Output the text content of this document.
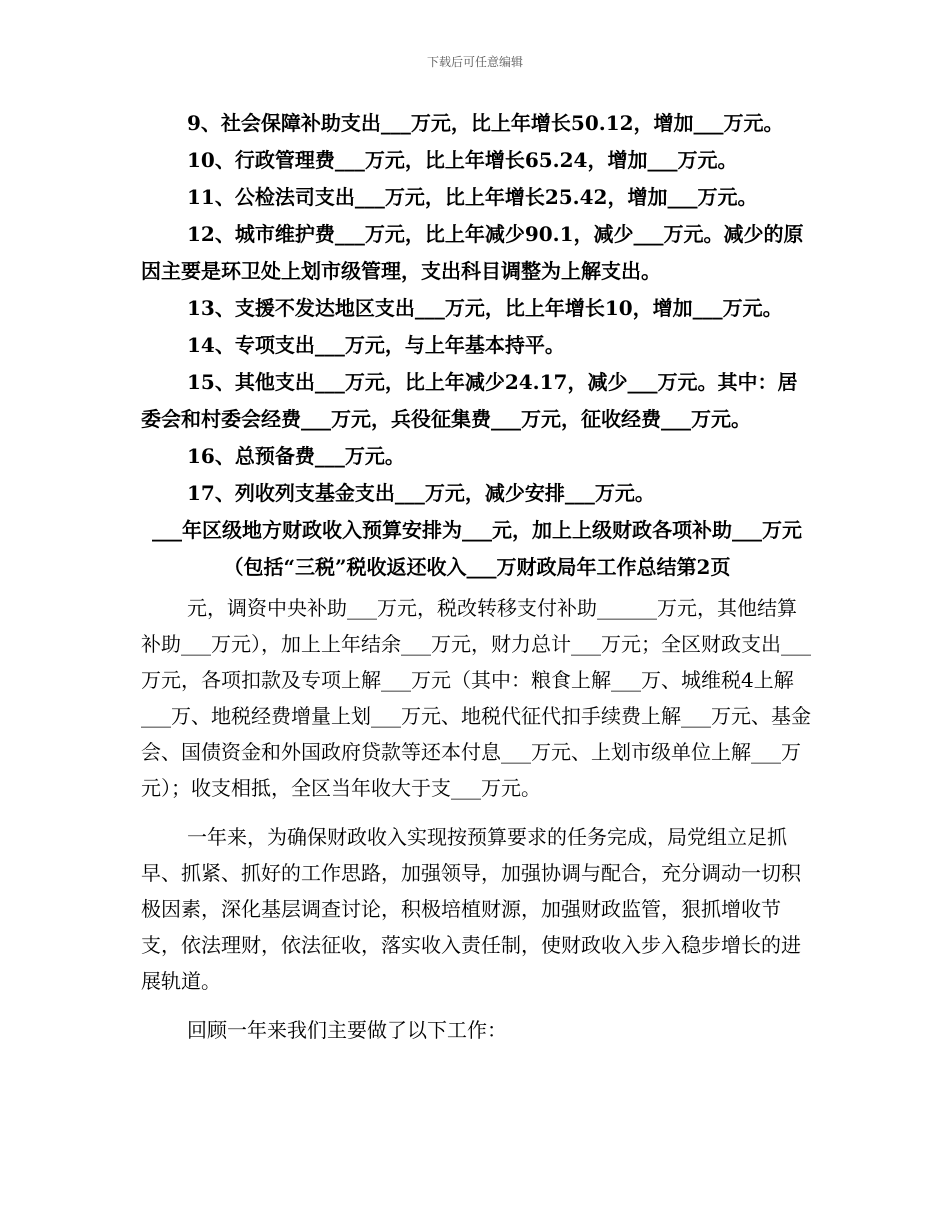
下载后可任意编辑

9、社会保障补助支出___万元，比上年增长50.12，增加___万元。

10、行政管理费___万元，比上年增长65.24，增加___万元。

11、公检法司支出___万元，比上年增长25.42，增加___万元。

12、城市维护费___万元，比上年减少90.1，减少___万元。减少的原因主要是环卫处上划市级管理，支出科目调整为上解支出。

13、支援不发达地区支出___万元，比上年增长10，增加___万元。

14、专项支出___万元，与上年基本持平。

15、其他支出___万元，比上年减少24.17，减少___万元。其中：居委会和村委会经费___万元，兵役征集费___万元，征收经费___万元。

16、总预备费___万元。

17、列收列支基金支出___万元，减少安排___万元。

___年区级地方财政收入预算安排为___元，加上上级财政各项补助___万元（包括“三税”税收返还收入___万财政局年工作总结第2页

元，调资中央补助___万元，税改转移支付补助______万元，其他结算补助___万元），加上上年结余___万元，财力总计___万元；全区财政支出___万元，各项扣款及专项上解___万元（其中：粮食上解___万、城维税4上解___万、地税经费增量上划___万元、地税代征代扣手续费上解___万元、基金会、国债资金和外国政府贷款等还本付息___万元、上划市级单位上解___万元）；收支相抵，全区当年收大于支___万元。

一年来，为确保财政收入实现按预算要求的任务完成，局党组立足抓早、抓紧、抓好的工作思路，加强领导，加强协调与配合，充分调动一切积极因素，深化基层调查讨论，积极培植财源，加强财政监管，狠抓增收节支，依法理财，依法征收，落实收入责任制，使财政收入步入稳步增长的进展轨道。

回顾一年来我们主要做了以下工作：
